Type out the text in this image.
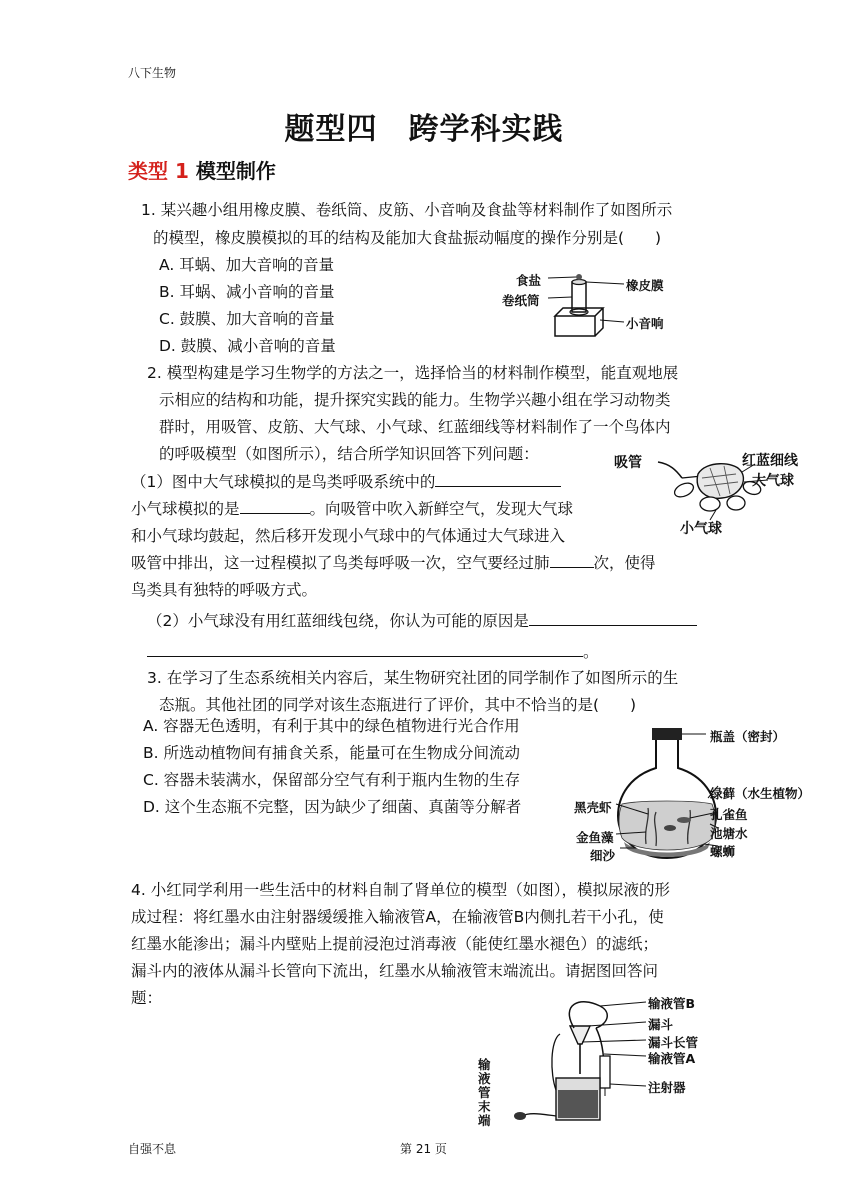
八下生物
题型四　跨学科实践
类型 1 模型制作
1. 某兴趣小组用橡皮膜、卷纸筒、皮筋、小音响及食盐等材料制作了如图所示
的模型，橡皮膜模拟的耳的结构及能加大食盐振动幅度的操作分别是(　　)
A. 耳蜗、加大音响的音量
B. 耳蜗、减小音响的音量
C. 鼓膜、加大音响的音量
D. 鼓膜、减小音响的音量
食盐
卷纸筒
橡皮膜
小音响
2. 模型构建是学习生物学的方法之一，选择恰当的材料制作模型，能直观地展
示相应的结构和功能，提升探究实践的能力。生物学兴趣小组在学习动物类
群时，用吸管、皮筋、大气球、小气球、红蓝细线等材料制作了一个鸟体内
的呼吸模型（如图所示），结合所学知识回答下列问题：
（1）图中大气球模拟的是鸟类呼吸系统中的
小气球模拟的是	。向吸管中吹入新鲜空气，发现大气球
和小气球均鼓起，然后移开发现小气球中的气体通过大气球进入
吸管中排出，这一过程模拟了鸟类每呼吸一次，空气要经过肺	次，使得
鸟类具有独特的呼吸方式。
（2）小气球没有用红蓝细线包绕，你认为可能的原因是
。
吸管	红蓝细线
大气球
小气球
3. 在学习了生态系统相关内容后，某生物研究社团的同学制作了如图所示的生
态瓶。其他社团的同学对该生态瓶进行了评价，其中不恰当的是(　　)
A. 容器无色透明，有利于其中的绿色植物进行光合作用
B. 所选动植物间有捕食关系，能量可在生物成分间流动
C. 容器未装满水，保留部分空气有利于瓶内生物的生存
D. 这个生态瓶不完整，因为缺少了细菌、真菌等分解者
瓶盖（密封）
绿藓（水生植物）
黑壳虾	孔雀鱼
池塘水
金鱼藻
螺蛳
细沙
4. 小红同学利用一些生活中的材料自制了肾单位的模型（如图），模拟尿液的形
成过程：将红墨水由注射器缓缓推入输液管A，在输液管B内侧扎若干小孔，使
红墨水能渗出；漏斗内壁贴上提前浸泡过消毒液（能使红墨水褪色）的滤纸；
漏斗内的液体从漏斗长管向下流出，红墨水从输液管末端流出。请据图回答问
题：	输液管B
漏斗
漏斗长管
输液管A
注射器
输液管末端
自强不息	第 21 页
